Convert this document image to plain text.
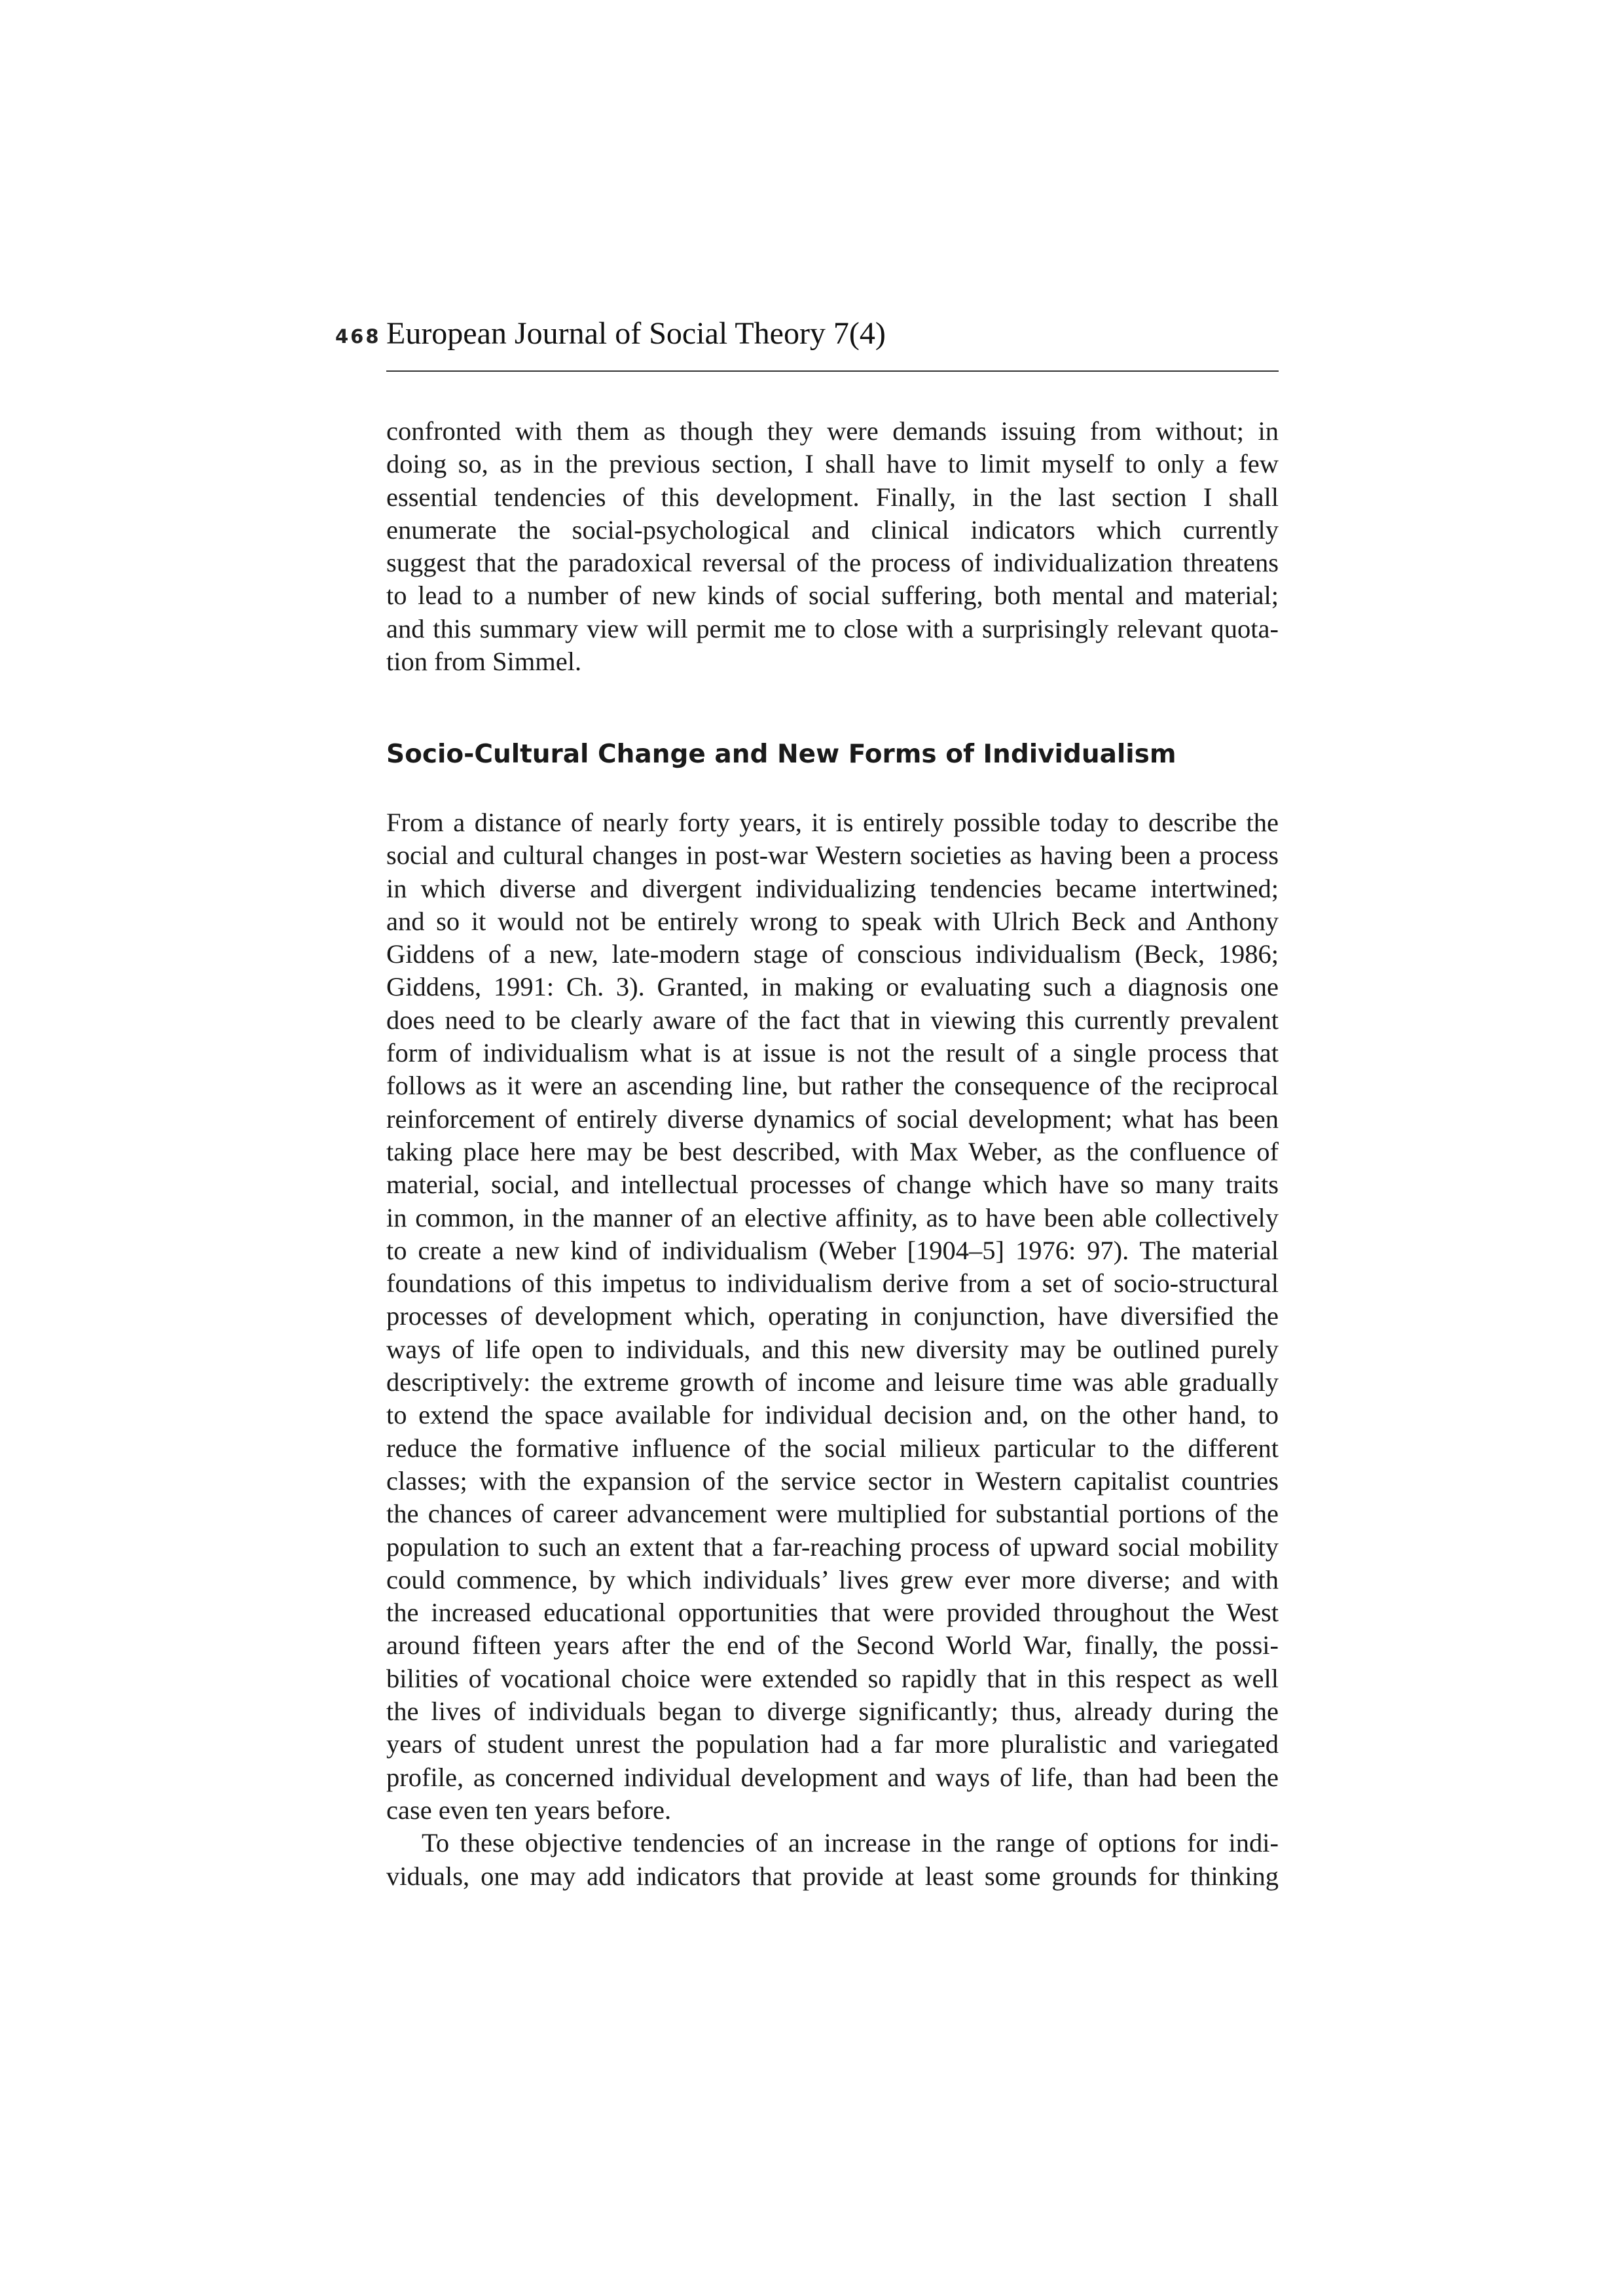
468 European Journal of Social Theory 7(4)
confronted with them as though they were demands issuing from without; in
doing so, as in the previous section, I shall have to limit myself to only a few
essential tendencies of this development. Finally, in the last section I shall
enumerate the social-psychological and clinical indicators which currently
suggest that the paradoxical reversal of the process of individualization threatens
to lead to a number of new kinds of social suffering, both mental and material;
and this summary view will permit me to close with a surprisingly relevant quota-
tion from Simmel.
Socio-Cultural Change and New Forms of Individualism
From a distance of nearly forty years, it is entirely possible today to describe the
social and cultural changes in post-war Western societies as having been a process
in which diverse and divergent individualizing tendencies became intertwined;
and so it would not be entirely wrong to speak with Ulrich Beck and Anthony
Giddens of a new, late-modern stage of conscious individualism (Beck, 1986;
Giddens, 1991: Ch. 3). Granted, in making or evaluating such a diagnosis one
does need to be clearly aware of the fact that in viewing this currently prevalent
form of individualism what is at issue is not the result of a single process that
follows as it were an ascending line, but rather the consequence of the reciprocal
reinforcement of entirely diverse dynamics of social development; what has been
taking place here may be best described, with Max Weber, as the confluence of
material, social, and intellectual processes of change which have so many traits
in common, in the manner of an elective affinity, as to have been able collectively
to create a new kind of individualism (Weber [1904–5] 1976: 97). The material
foundations of this impetus to individualism derive from a set of socio-structural
processes of development which, operating in conjunction, have diversified the
ways of life open to individuals, and this new diversity may be outlined purely
descriptively: the extreme growth of income and leisure time was able gradually
to extend the space available for individual decision and, on the other hand, to
reduce the formative influence of the social milieux particular to the different
classes; with the expansion of the service sector in Western capitalist countries
the chances of career advancement were multiplied for substantial portions of the
population to such an extent that a far-reaching process of upward social mobility
could commence, by which individuals’ lives grew ever more diverse; and with
the increased educational opportunities that were provided throughout the West
around fifteen years after the end of the Second World War, finally, the possi-
bilities of vocational choice were extended so rapidly that in this respect as well
the lives of individuals began to diverge significantly; thus, already during the
years of student unrest the population had a far more pluralistic and variegated
profile, as concerned individual development and ways of life, than had been the
case even ten years before.
To these objective tendencies of an increase in the range of options for indi-
viduals, one may add indicators that provide at least some grounds for thinking
